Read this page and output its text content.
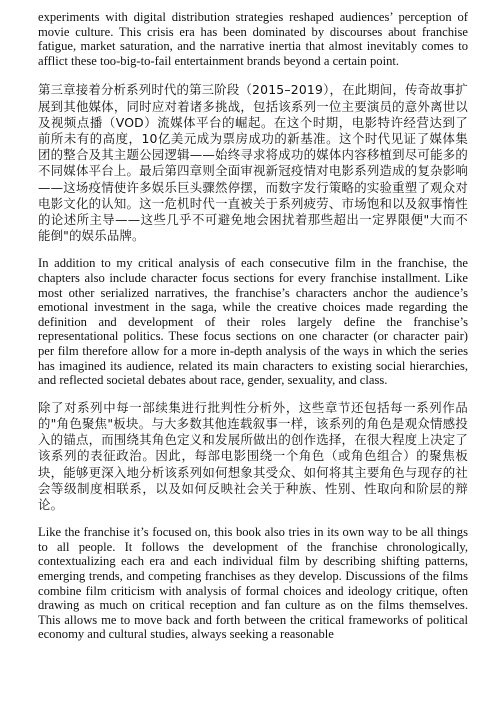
experiments with digital distribution strategies reshaped audiences’ perception of movie culture. This crisis era has been dominated by discourses about franchise fatigue, market saturation, and the narrative inertia that almost inevitably comes to afflict these too-big-to-fail entertainment brands beyond a certain point.

第三章接着分析系列时代的第三阶段（2015–2019），在此期间，传奇故事扩展到其他媒体，同时应对着诸多挑战，包括该系列一位主要演员的意外离世以及视频点播（VOD）流媒体平台的崛起。在这个时期，电影特许经营达到了前所未有的高度，10亿美元成为票房成功的新基准。这个时代见证了媒体集团的整合及其主题公园逻辑——始终寻求将成功的媒体内容移植到尽可能多的不同媒体平台上。最后第四章则全面审视新冠疫情对电影系列造成的复杂影响——这场疫情使许多娱乐巨头骤然停摆，而数字发行策略的实验重塑了观众对电影文化的认知。这一危机时代一直被关于系列疲劳、市场饱和以及叙事惰性的论述所主导——这些几乎不可避免地会困扰着那些超出一定界限便"大而不能倒"的娱乐品牌。

In addition to my critical analysis of each consecutive film in the franchise, the chapters also include character focus sections for every franchise installment. Like most other serialized narratives, the franchise’s characters anchor the audience’s emotional investment in the saga, while the creative choices made regarding the definition and development of their roles largely define the franchise’s representational politics. These focus sections on one character (or character pair) per film therefore allow for a more in-depth analysis of the ways in which the series has imagined its audience, related its main characters to existing social hierarchies, and reflected societal debates about race, gender, sexuality, and class.

除了对系列中每一部续集进行批判性分析外，这些章节还包括每一系列作品的"角色聚焦"板块。与大多数其他连载叙事一样，该系列的角色是观众情感投入的锚点，而围绕其角色定义和发展所做出的创作选择，在很大程度上决定了该系列的表征政治。因此，每部电影围绕一个角色（或角色组合）的聚焦板块，能够更深入地分析该系列如何想象其受众、如何将其主要角色与现存的社会等级制度相联系，以及如何反映社会关于种族、性别、性取向和阶层的辩论。

Like the franchise it’s focused on, this book also tries in its own way to be all things to all people. It follows the development of the franchise chronologically, contextualizing each era and each individual film by describing shifting patterns, emerging trends, and competing franchises as they develop. Discussions of the films combine film criticism with analysis of formal choices and ideology critique, often drawing as much on critical reception and fan culture as on the films themselves. This allows me to move back and forth between the critical frameworks of political economy and cultural studies, always seeking a reasonable
